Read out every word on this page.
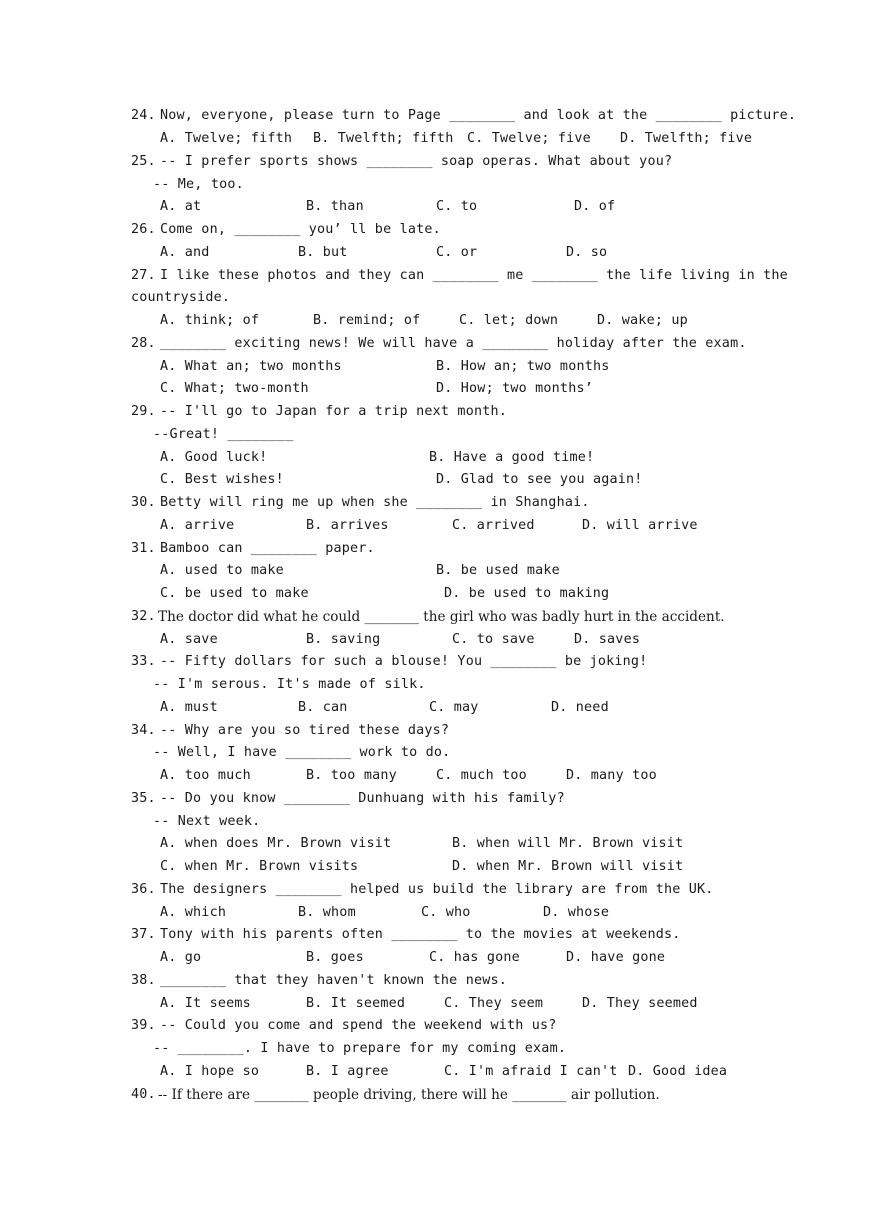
24. Now, everyone, please turn to Page ________ and look at the ________ picture.
A. Twelve; fifth B. Twelfth; fifth C. Twelve; five D. Twelfth; five
25. -- I prefer sports shows ________ soap operas. What about you?
-- Me, too.
A. at	B. than	C. to	D. of
26. Come on, ________ you’ ll be late.
A. and	B. but	C. or	D. so
27. I like these photos and they can ________ me ________ the life living in the
countryside.
A. think; of	B. remind; of	C. let; down	D. wake; up
28. ________ exciting news! We will have a ________ holiday after the exam.
A. What an; two months	B. How an; two months
C. What; two-month	D. How; two months’
29. -- I'll go to Japan for a trip next month.
--Great! ________
A. Good luck!	B. Have a good time!
C. Best wishes!	D. Glad to see you again!
30. Betty will ring me up when she ________ in Shanghai.
A. arrive	B. arrives	C. arrived	D. will arrive
31. Bamboo can ________ paper.
A. used to make	B. be used make
C. be used to make	D. be used to making
32. The doctor did what he could ________ the girl who was badly hurt in the accident.
A. save	B. saving	C. to save	D. saves
33. -- Fifty dollars for such a blouse! You ________ be joking!
-- I'm serous. It's made of silk.
A. must	B. can	C. may	D. need
34. -- Why are you so tired these days?
-- Well, I have ________ work to do.
A. too much	B. too many	C. much too	D. many too
35. -- Do you know ________ Dunhuang with his family?
-- Next week.
A. when does Mr. Brown visit	B. when will Mr. Brown visit
C. when Mr. Brown visits	D. when Mr. Brown will visit
36. The designers ________ helped us build the library are from the UK.
A. which	B. whom	C. who	D. whose
37. Tony with his parents often ________ to the movies at weekends.
A. go	B. goes	C. has gone	D. have gone
38. ________ that they haven't known the news.
A. It seems	B. It seemed	C. They seem	D. They seemed
39. -- Could you come and spend the weekend with us?
-- ________. I have to prepare for my coming exam.
A. I hope so	B. I agree	C. I'm afraid I can't D. Good idea
40. -- If there are ________ people driving, there will he ________ air pollution.
